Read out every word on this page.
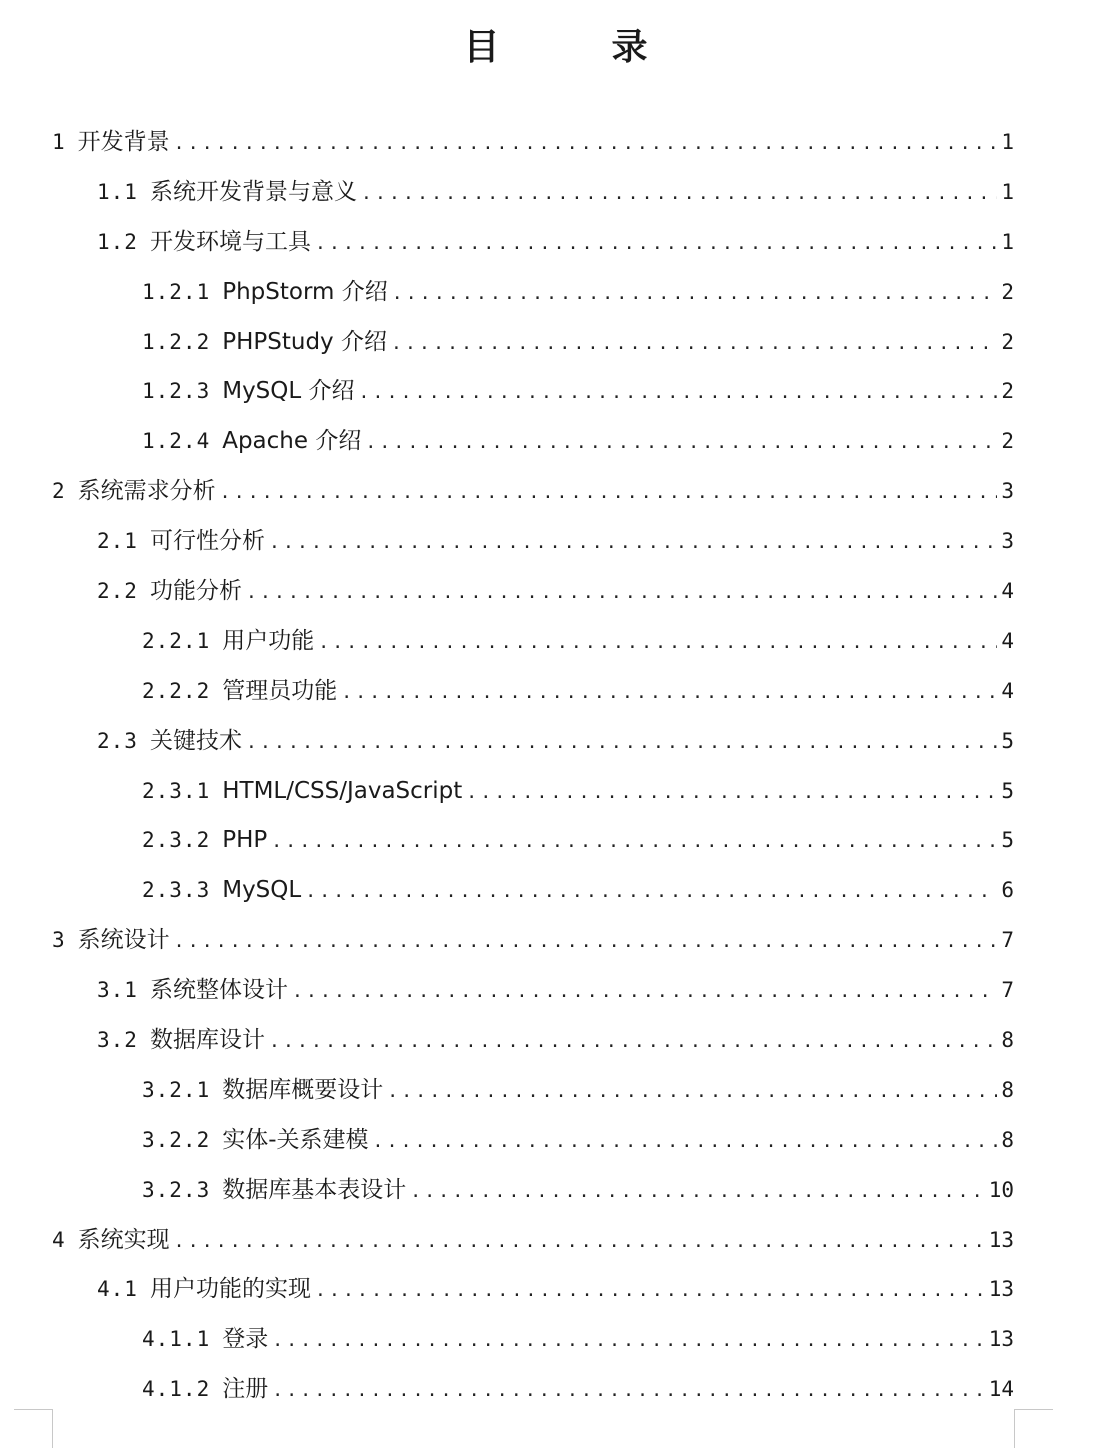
目　录
1 开发背景 .....	1
1.1 系统开发背景与意义 .....	1
1.2 开发环境与工具 .....	1
1.2.1 PhpStorm 介绍 .....	2
1.2.2 PHPStudy 介绍 .....	2
1.2.3 MySQL 介绍 .....	2
1.2.4 Apache 介绍 .....	2
2 系统需求分析 .....	3
2.1 可行性分析 .....	3
2.2 功能分析 .....	4
2.2.1 用户功能 .....	4
2.2.2 管理员功能 .....	4
2.3 关键技术 .....	5
2.3.1 HTML/CSS/JavaScript .....	5
2.3.2 PHP .....	5
2.3.3 MySQL .....	6
3 系统设计 .....	7
3.1 系统整体设计 .....	7
3.2 数据库设计 .....	8
3.2.1 数据库概要设计 .....	8
3.2.2 实体-关系建模 .....	8
3.2.3 数据库基本表设计 .....	10
4 系统实现 .....	13
4.1 用户功能的实现 .....	13
4.1.1 登录 .....	13
4.1.2 注册 .....	14
